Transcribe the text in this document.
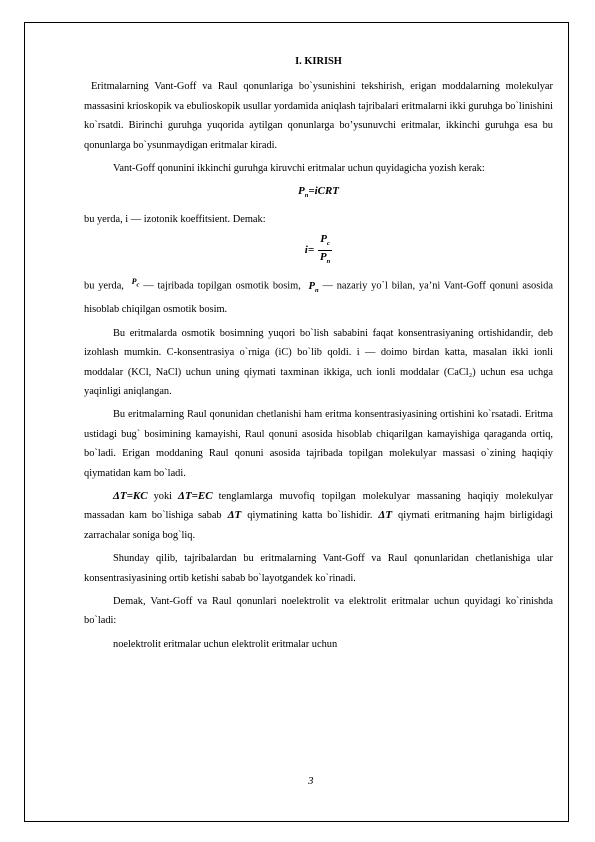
I. KIRISH

Eritmalarning Vant-Goff va Raul qonunlariga bo`ysunishini tekshirish, erigan moddalarning molekulyar massasini krioskopik va ebulioskopik usullar yordamida aniqlash tajribalari eritmalarni ikki guruhga bo`linishini ko`rsatdi. Birinchi guruhga yuqorida aytilgan qonunlarga bo’ysunuvchi eritmalar, ikkinchi guruhga esa bu qonunlarga bo`ysunmaydigan eritmalar kiradi.

Vant-Goff qonunini ikkinchi guruhga kiruvchi eritmalar uchun quyidagicha yozish kerak:

$P_n=iCRT$

bu yerda, i — izotonik koeffitsient. Demak:

$i= \frac{P_c}{P_n}$

bu yerda, $^{P_c}$ — tajribada topilgan osmotik bosim, $P_n$ — nazariy yo`l bilan, ya’ni Vant-Goff qonuni asosida hisoblab chiqilgan osmotik bosim.

Bu eritmalarda osmotik bosimning yuqori bo`lish sababini faqat konsentrasiyaning ortishidandir, deb izohlash mumkin. C-konsentrasiya o`rniga (iC) bo`lib qoldi. i — doimo birdan katta, masalan ikki ionli moddalar (KCl, NaCl) uchun uning qiymati taxminan ikkiga, uch ionli moddalar (CaCl₂) uchun esa uchga yaqinligi aniqlangan.

Bu eritmalarning Raul qonunidan chetlanishi ham eritma konsentrasiyasining ortishini ko`rsatadi. Eritma ustidagi bug` bosimining kamayishi, Raul qonuni asosida hisoblab chiqarilgan kamayishiga qaraganda ortiq, bo`ladi. Erigan moddaning Raul qonuni asosida tajribada topilgan molekulyar massasi o`zining haqiqiy qiymatidan kam bo`ladi.

ΔT=KC yoki ΔT=EC tenglamlarga muvofiq topilgan molekulyar massaning haqiqiy molekulyar massadan kam bo`lishiga sabab ΔT qiymatining katta bo`lishidir. ΔT qiymati eritmaning hajm birligidagi zarrachalar soniga bog`liq.

Shunday qilib, tajribalardan bu eritmalarning Vant-Goff va Raul qonunlaridan chetlanishiga ular konsentrasiyasining ortib ketishi sabab bo`layotgandek ko`rinadi.

Demak, Vant-Goff va Raul qonunlari noelektrolit va elektrolit eritmalar uchun quyidagi ko`rinishda bo`ladi:

noelektrolit eritmalar uchun elektrolit eritmalar uchun

3
